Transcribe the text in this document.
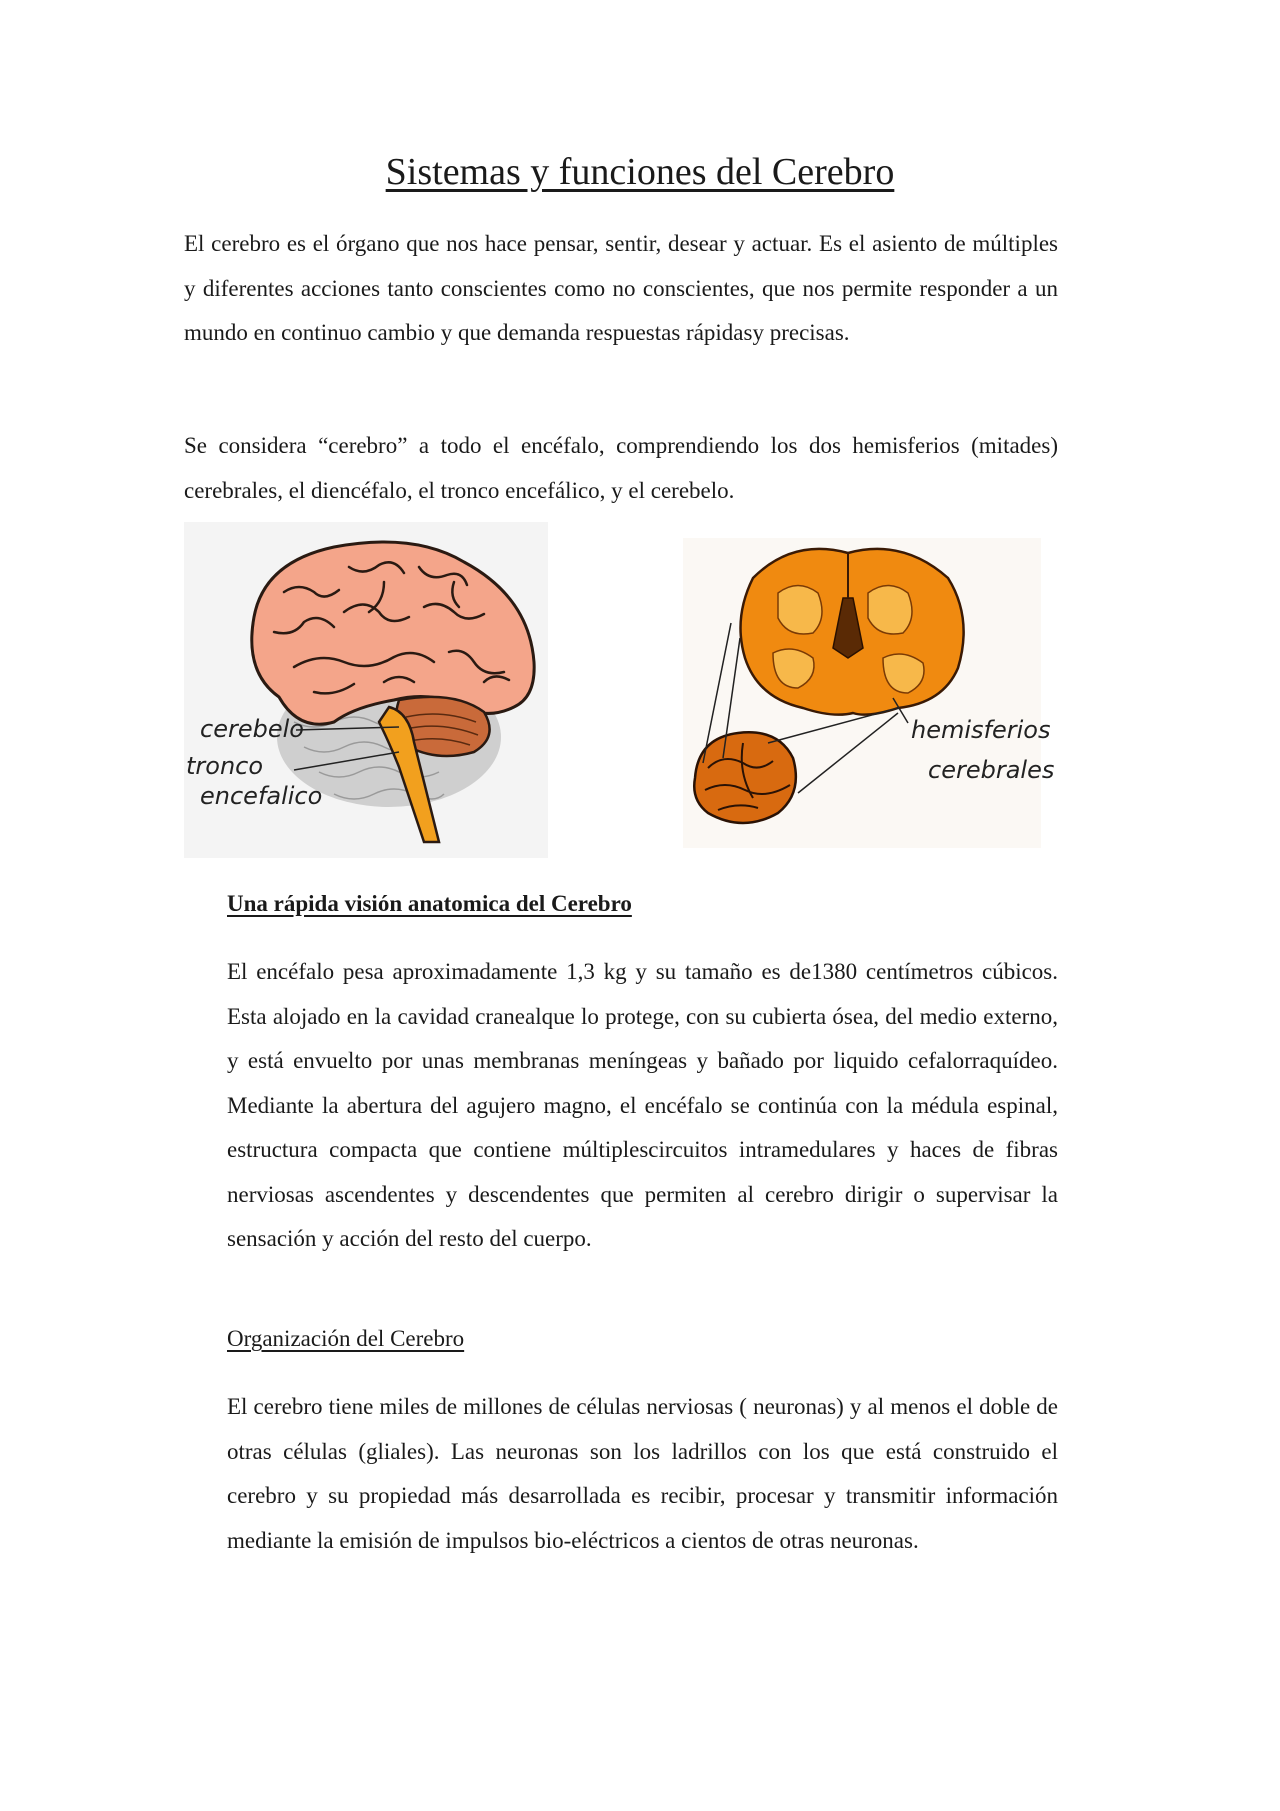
Sistemas y funciones del Cerebro

El cerebro es el órgano que nos hace pensar, sentir, desear y actuar. Es el asiento de múltiples y diferentes acciones tanto conscientes como no conscientes, que nos permite responder a un mundo en continuo cambio y que demanda respuestas rápidasy precisas.

Se considera “cerebro” a todo el encéfalo, comprendiendo los dos hemisferios (mitades) cerebrales, el diencéfalo, el tronco encefálico, y el cerebelo.

cerebelo
tronco
encefalico
hemisferios
cerebrales
Una rápida visión anatomica del Cerebro

El encéfalo pesa aproximadamente 1,3 kg y su tamaño es de1380 centímetros cúbicos. Esta alojado en la cavidad cranealque lo protege, con su cubierta ósea, del medio externo, y está envuelto por unas membranas meníngeas y bañado por liquido cefalorraquídeo. Mediante la abertura del agujero magno, el encéfalo se continúa con la médula espinal, estructura compacta que contiene múltiplescircuitos intramedulares y haces de fibras nerviosas ascendentes y descendentes que permiten al cerebro dirigir o supervisar la sensación y acción del resto del cuerpo.

Organización del Cerebro

El cerebro tiene miles de millones de células nerviosas ( neuronas) y al menos el doble de otras células (gliales). Las neuronas son los ladrillos con los que está construido el cerebro y su propiedad más desarrollada es recibir, procesar y transmitir información mediante la emisión de impulsos bio-eléctricos a cientos de otras neuronas.
